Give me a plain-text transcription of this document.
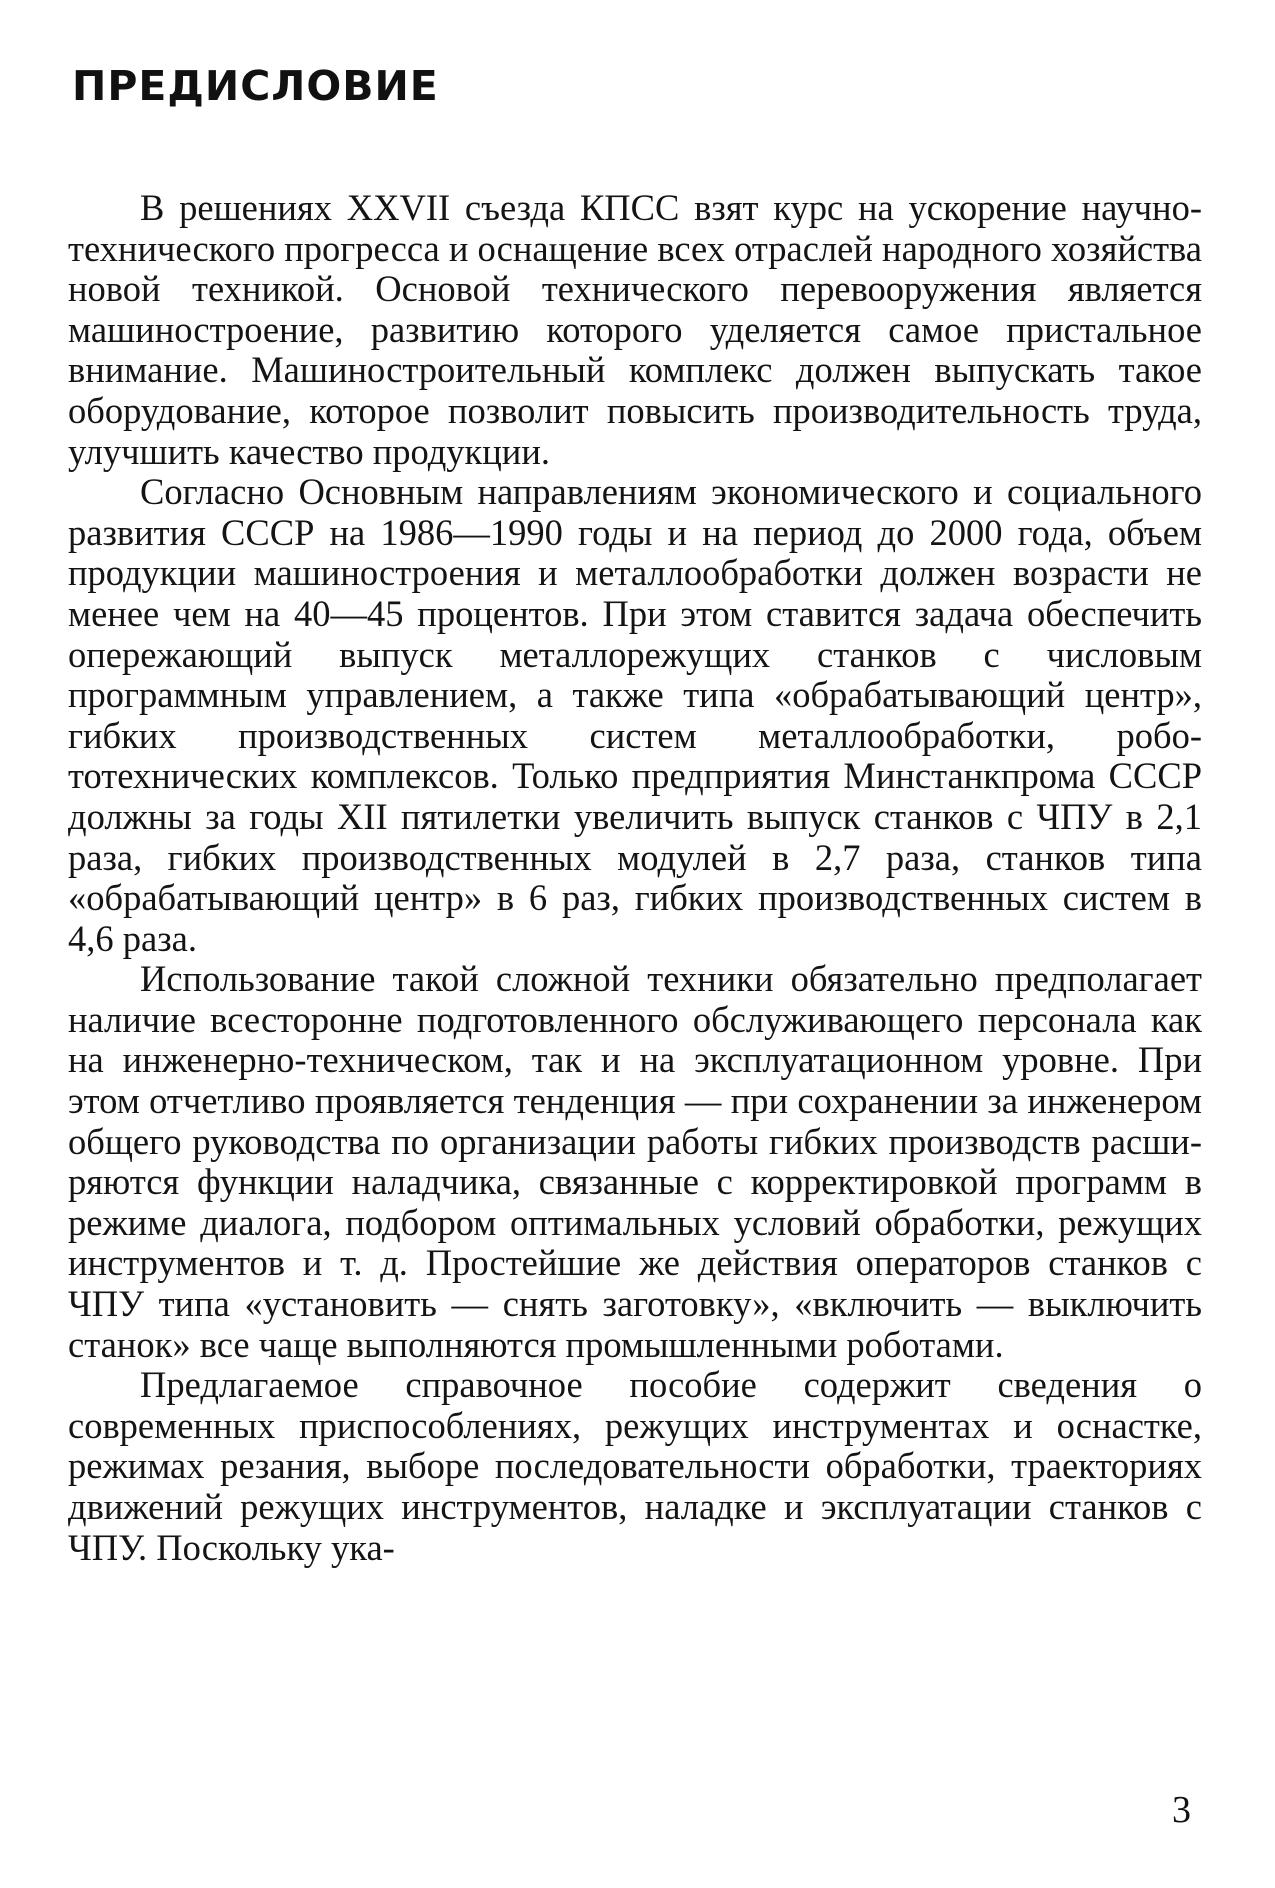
ПРЕДИСЛОВИЕ

В решениях XXVII съезда КПСС взят курс на ускорение научно-технического прогресса и оснащение всех отраслей народного хозяйства новой техникой. Основой технического перевооружения является машиностроение, развитию которого уделяется самое пристальное внимание. Машиностроительный комплекс должен выпускать такое оборудование, которое позволит повысить производительность труда, улучшить качество продукции.

Согласно Основным направлениям экономического и социального развития СССР на 1986—1990 годы и на период до 2000 года, объем продукции машиностроения и металлообработки должен возрасти не менее чем на 40—45 процентов. При этом ставится задача обеспечить опережающий выпуск металлорежущих станков с числовым программным управлением, а также типа «обрабатывающий центр», гибких производственных систем металлообработки, робототехнических комплексов. Только предприятия Минстанкпрома СССР должны за годы XII пятилетки увеличить выпуск станков с ЧПУ в 2,1 раза, гибких производственных модулей в 2,7 раза, станков типа «обрабатывающий центр» в 6 раз, гибких производственных систем в 4,6 раза.

Использование такой сложной техники обязательно предполагает наличие всесторонне подготовленного обслуживающего персонала как на инженерно-техническом, так и на эксплуатационном уровне. При этом отчетливо проявляется тенденция — при сохранении за инженером общего руководства по организации работы гибких производств расширяются функции наладчика, связанные с корректировкой программ в режиме диалога, подбором оптимальных условий обработки, режущих инструментов и т. д. Простейшие же действия операторов станков с ЧПУ типа «установить — снять заготовку», «включить — выключить станок» все чаще выполняются промышленными роботами.

Предлагаемое справочное пособие содержит сведения о современных приспособлениях, режущих инструментах и оснастке, режимах резания, выборе последовательности обработки, траекториях движений режущих инструментов, наладке и эксплуатации станков с ЧПУ. Поскольку ука-

3
